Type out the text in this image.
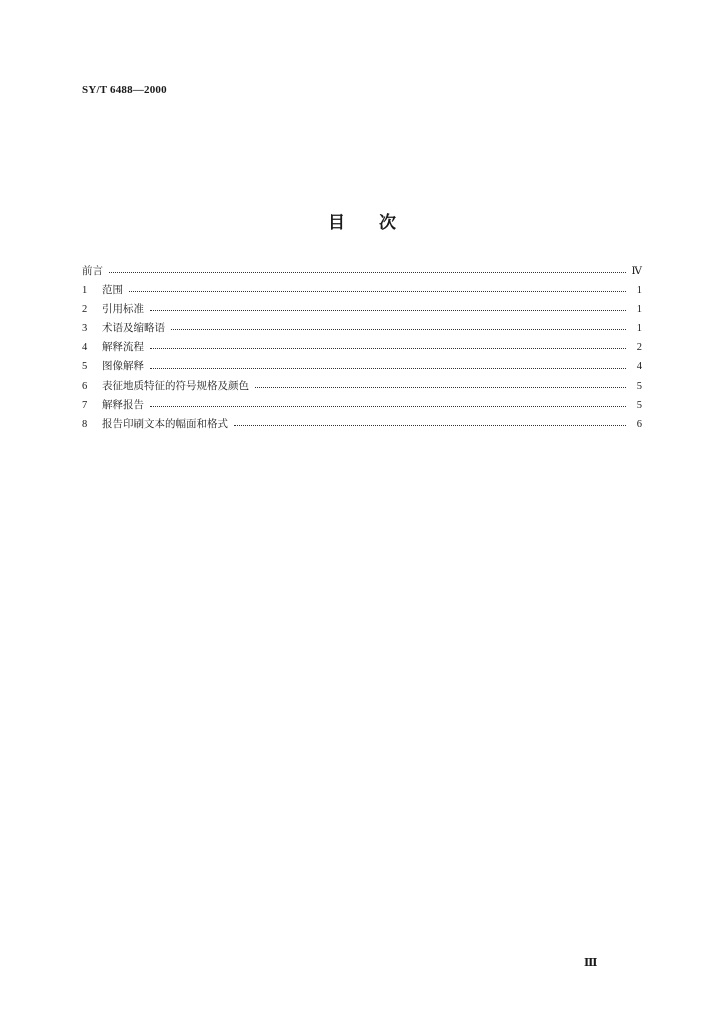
SY/T 6488—2000
目 次
前言	Ⅳ
1	范围	1
2	引用标准	1
3	术语及缩略语	1
4	解释流程	2
5	图像解释	4
6	表征地质特征的符号规格及颜色	5
7	解释报告	5
8	报告印刷文本的幅面和格式	6
Ⅲ
